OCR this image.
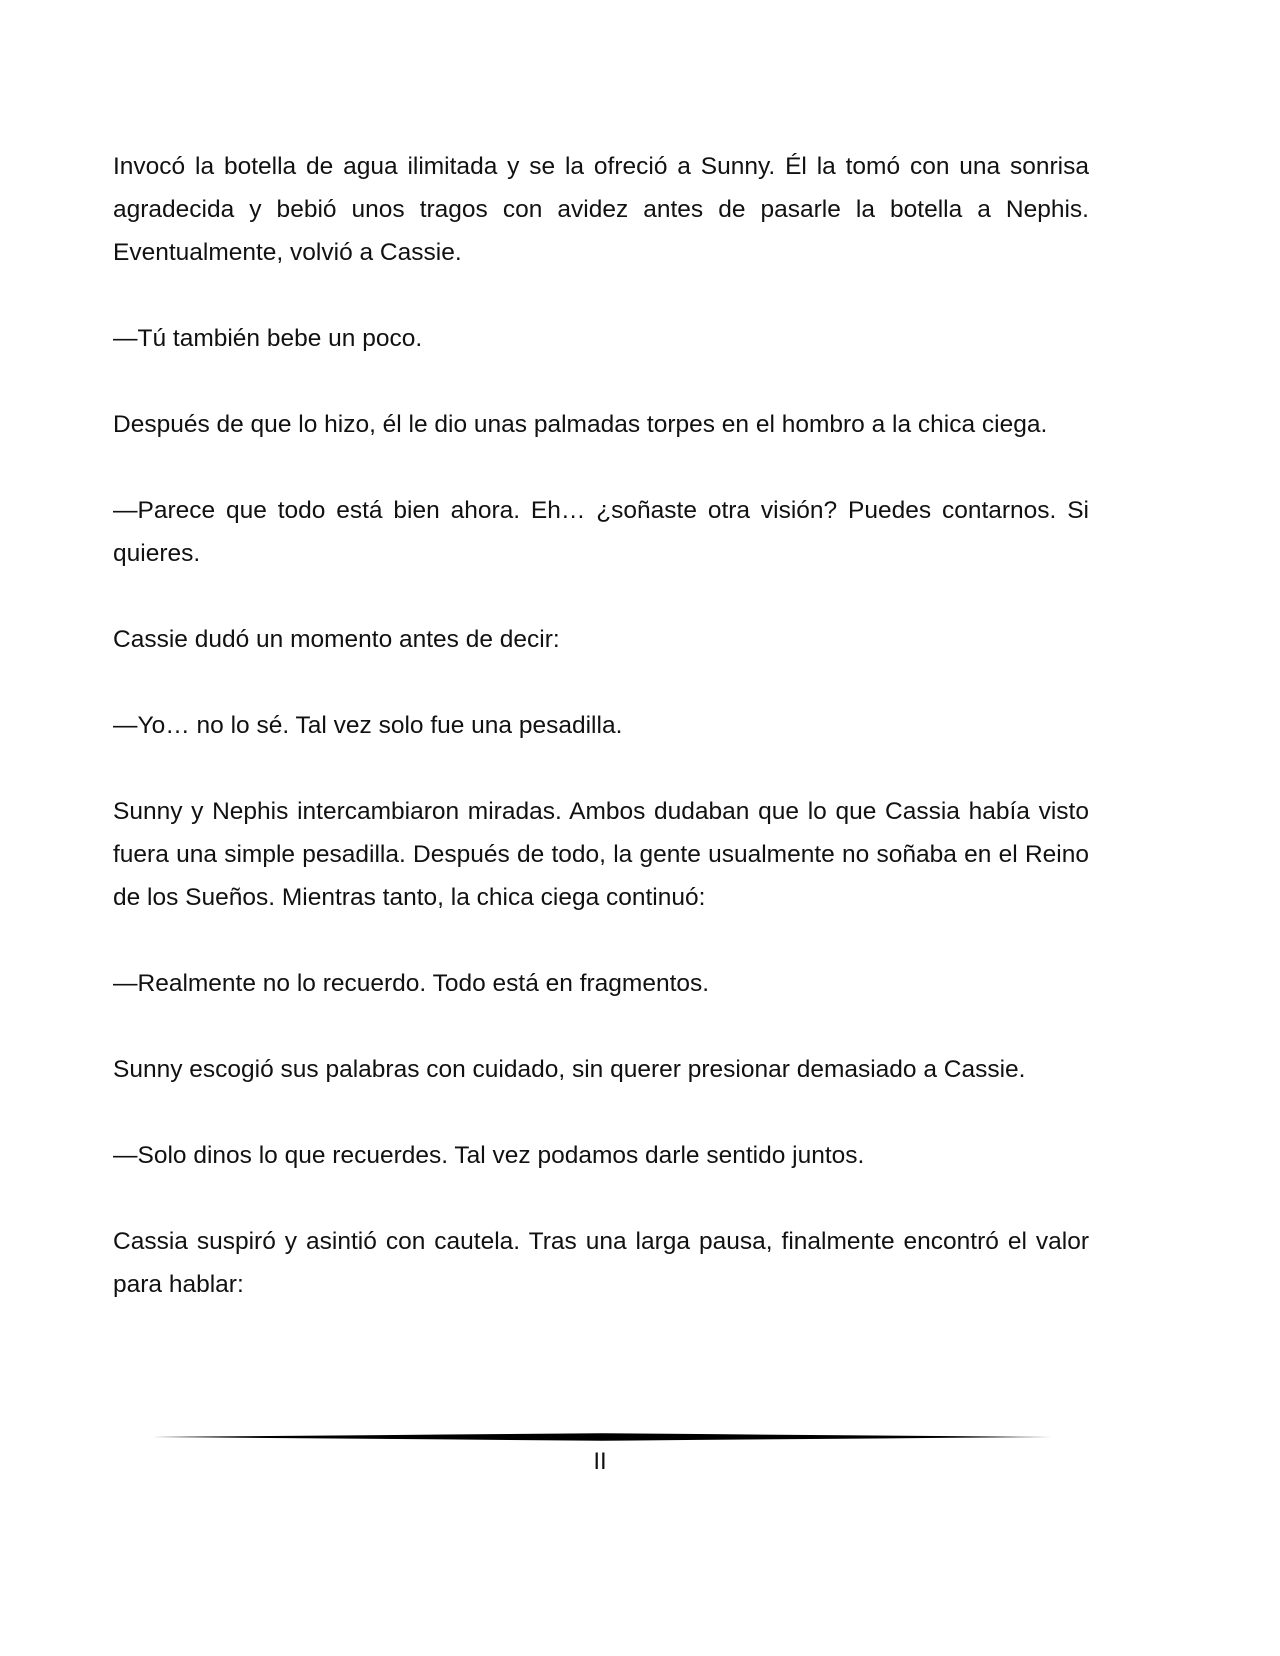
Invocó la botella de agua ilimitada y se la ofreció a Sunny. Él la tomó con una sonrisa agradecida y bebió unos tragos con avidez antes de pasarle la botella a Nephis. Eventualmente, volvió a Cassie.

—Tú también bebe un poco.

Después de que lo hizo, él le dio unas palmadas torpes en el hombro a la chica ciega.

—Parece que todo está bien ahora. Eh… ¿soñaste otra visión? Puedes contarnos. Si quieres.

Cassie dudó un momento antes de decir:

—Yo… no lo sé. Tal vez solo fue una pesadilla.

Sunny y Nephis intercambiaron miradas. Ambos dudaban que lo que Cassia había visto fuera una simple pesadilla. Después de todo, la gente usualmente no soñaba en el Reino de los Sueños. Mientras tanto, la chica ciega continuó:

—Realmente no lo recuerdo. Todo está en fragmentos.

Sunny escogió sus palabras con cuidado, sin querer presionar demasiado a Cassie.

—Solo dinos lo que recuerdes. Tal vez podamos darle sentido juntos.

Cassia suspiró y asintió con cautela. Tras una larga pausa, finalmente encontró el valor para hablar:

II
